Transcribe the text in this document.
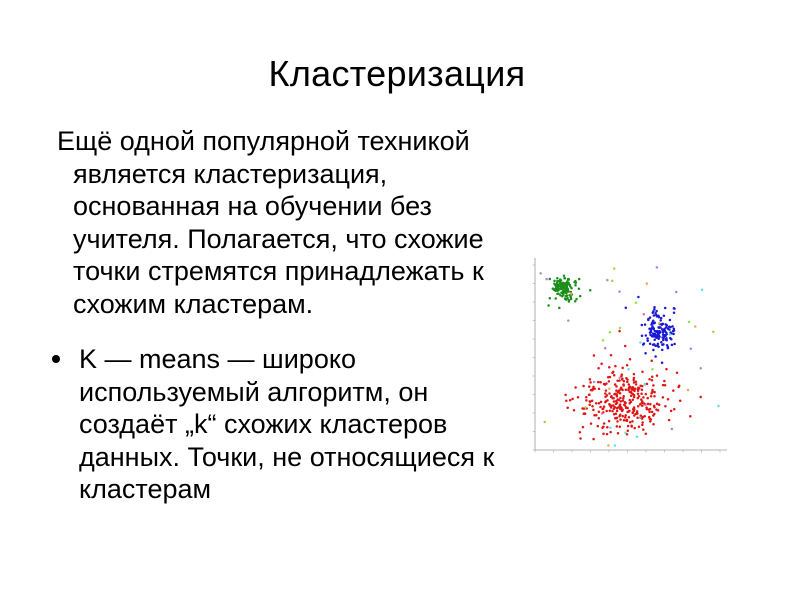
Кластеризация

Ещё одной популярной техникой является кластеризация, основанная на обучении без учителя. Полагается, что схожие точки стремятся принадлежать к схожим кластерам.

K — means — широко используемый алгоритм, он создаёт „k“ схожих кластеров данных. Точки, не относящиеся к кластерам
